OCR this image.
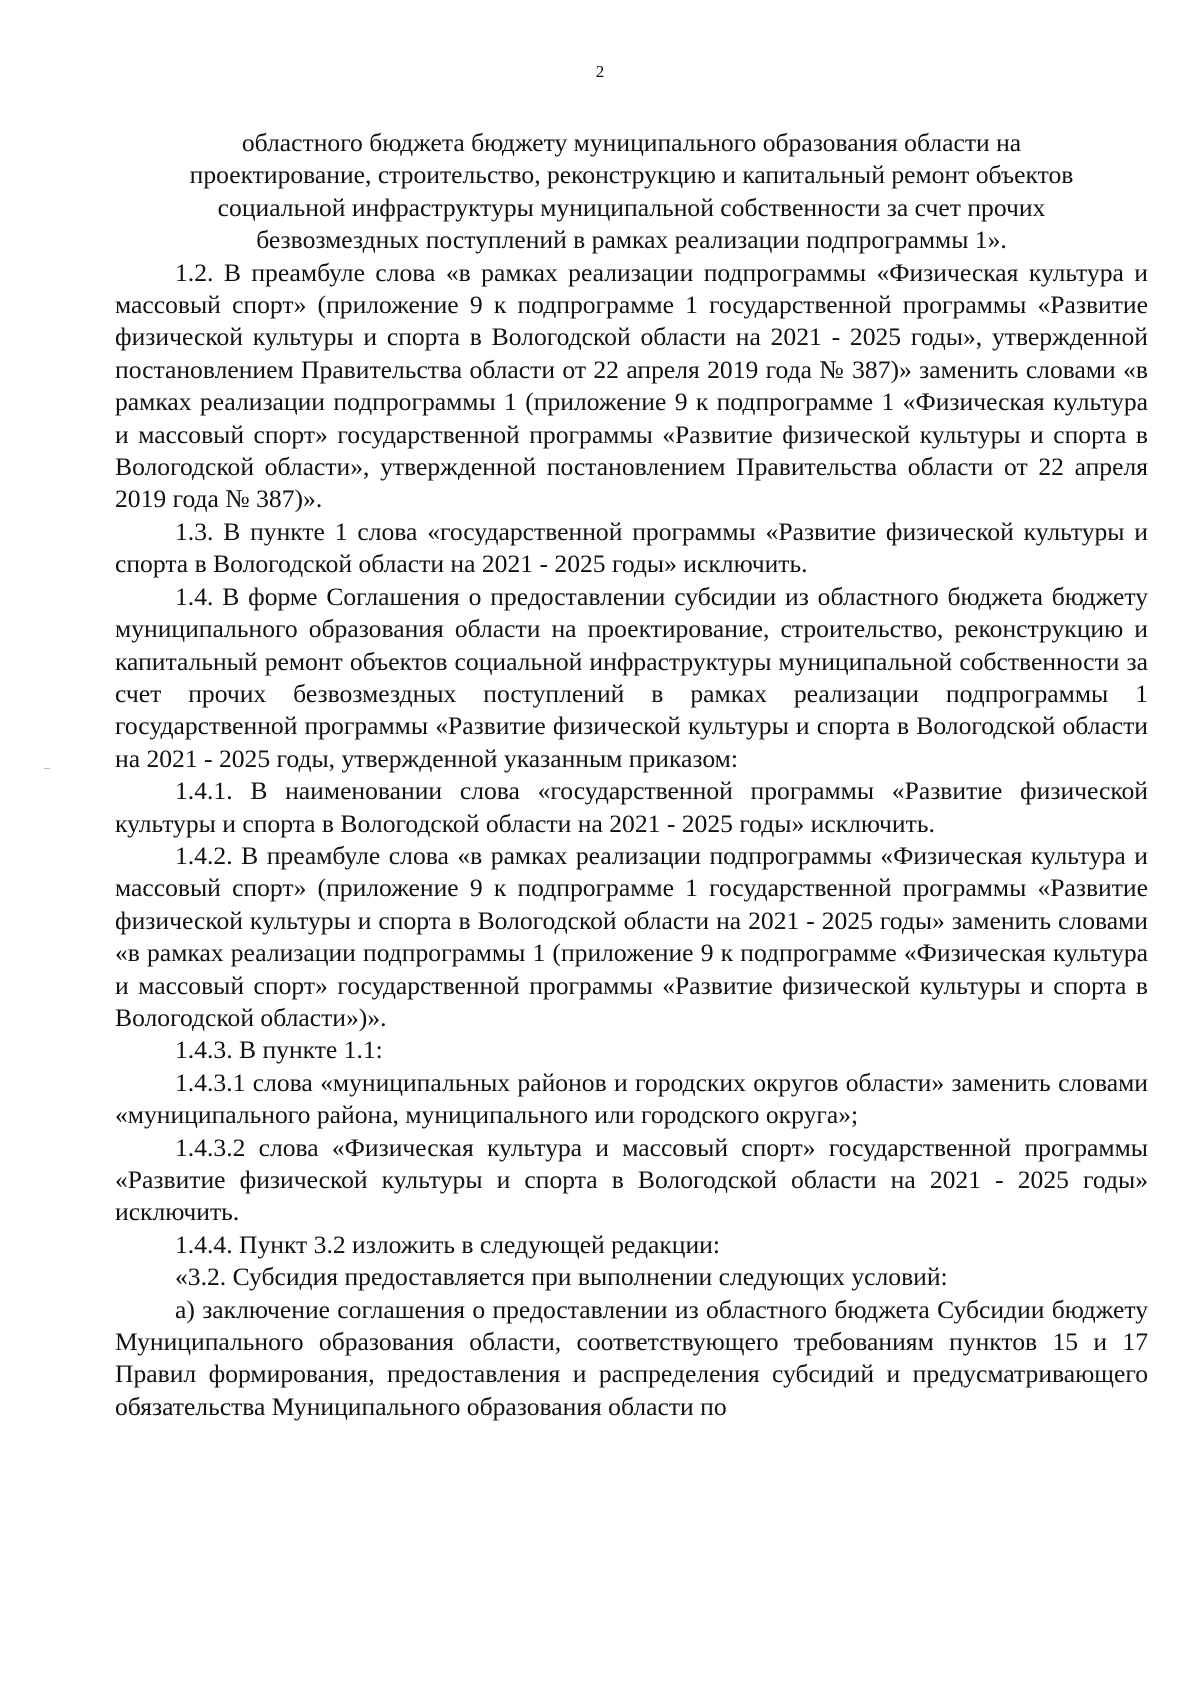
2
областного бюджета бюджету муниципального образования области на
проектирование, строительство, реконструкцию и капитальный ремонт объектов
социальной инфраструктуры муниципальной собственности за счет прочих
безвозмездных поступлений в рамках реализации подпрограммы 1».

1.2. В преамбуле слова «в рамках реализации подпрограммы «Физическая культура и массовый спорт» (приложение 9 к подпрограмме 1 государственной программы «Развитие физической культуры и спорта в Вологодской области на 2021 - 2025 годы», утвержденной постановлением Правительства области от 22 апреля 2019 года № 387)» заменить словами «в рамках реализации подпрограммы 1 (приложение 9 к подпрограмме 1 «Физическая культура и массовый спорт» государственной программы «Развитие физической культуры и спорта в Вологодской области», утвержденной постановлением Правительства области от 22 апреля 2019 года № 387)».

1.3. В пункте 1 слова «государственной программы «Развитие физической культуры и спорта в Вологодской области на 2021 - 2025 годы» исключить.

1.4. В форме Соглашения о предоставлении субсидии из областного бюджета бюджету муниципального образования области на проектирование, строительство, реконструкцию и капитальный ремонт объектов социальной инфраструктуры муниципальной собственности за счет прочих безвозмездных поступлений в рамках реализации подпрограммы 1 государственной программы «Развитие физической культуры и спорта в Вологодской области на 2021 - 2025 годы, утвержденной указанным приказом:

1.4.1. В наименовании слова «государственной программы «Развитие физической культуры и спорта в Вологодской области на 2021 - 2025 годы» исключить.

1.4.2. В преамбуле слова «в рамках реализации подпрограммы «Физическая культура и массовый спорт» (приложение 9 к подпрограмме 1 государственной программы «Развитие физической культуры и спорта в Вологодской области на 2021 - 2025 годы» заменить словами «в рамках реализации подпрограммы 1 (приложение 9 к подпрограмме «Физическая культура и массовый спорт» государственной программы «Развитие физической культуры и спорта в Вологодской области»)».

1.4.3. В пункте 1.1:

1.4.3.1 слова «муниципальных районов и городских округов области» заменить словами «муниципального района, муниципального или городского округа»;

1.4.3.2 слова «Физическая культура и массовый спорт» государственной программы «Развитие физической культуры и спорта в Вологодской области на 2021 - 2025 годы» исключить.

1.4.4. Пункт 3.2 изложить в следующей редакции:

«3.2. Субсидия предоставляется при выполнении следующих условий:

а) заключение соглашения о предоставлении из областного бюджета Субсидии бюджету Муниципального образования области, соответствующего требованиям пунктов 15 и 17 Правил формирования, предоставления и распределения субсидий и предусматривающего обязательства Муниципального образования области по
